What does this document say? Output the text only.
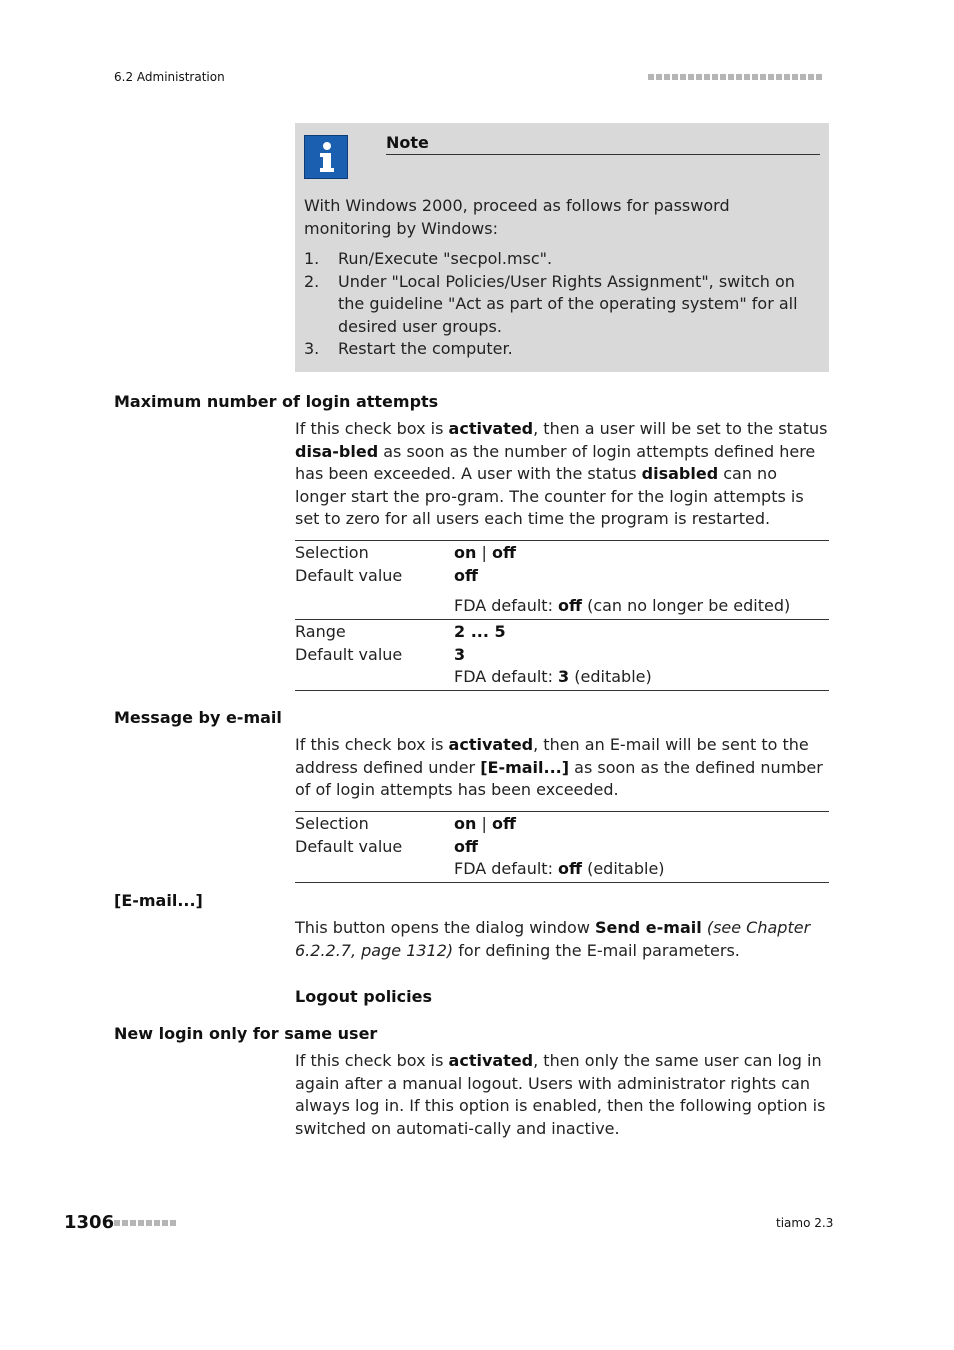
6.2 Administration
Note
With Windows 2000, proceed as follows for password monitoring by Windows:
1.	Run/Execute "secpol.msc".
2.	Under "Local Policies/User Rights Assignment", switch on the guideline "Act as part of the operating system" for all desired user groups.
3.	Restart the computer.
Maximum number of login attempts
If this check box is activated, then a user will be set to the status disa-bled as soon as the number of login attempts defined here has been exceeded. A user with the status disabled can no longer start the pro-gram. The counter for the login attempts is set to zero for all users each time the program is restarted.
Selection	on | off
Default value	off
FDA default: off (can no longer be edited)
Range	2 ... 5
Default value	3
FDA default: 3 (editable)
Message by e-mail
If this check box is activated, then an E-mail will be sent to the address defined under [E-mail...] as soon as the defined number of of login attempts has been exceeded.
Selection	on | off
Default value	off
FDA default: off (editable)
[E-mail...]
This button opens the dialog window Send e-mail (see Chapter 6.2.2.7, page 1312) for defining the E-mail parameters.
Logout policies
New login only for same user
If this check box is activated, then only the same user can log in again after a manual logout. Users with administrator rights can always log in. If this option is enabled, then the following option is switched on automati-cally and inactive.
1306	tiamo 2.3
